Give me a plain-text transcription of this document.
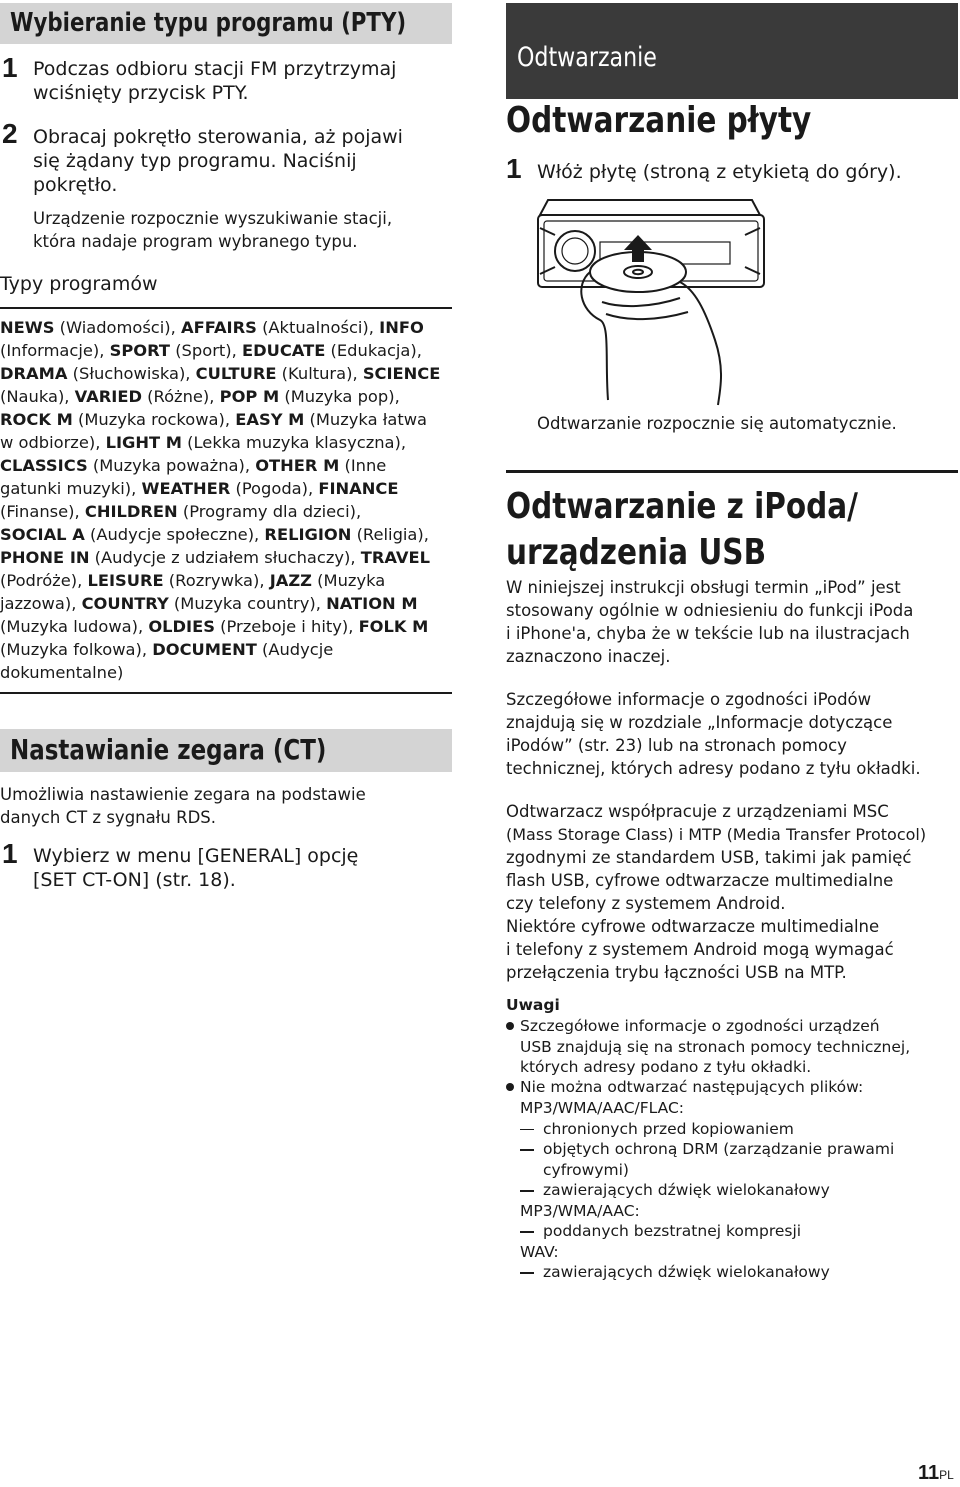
Wybieranie typu programu (PTY)
1 Podczas odbioru stacji FM przytrzymaj
wciśnięty przycisk PTY.
2 Obracaj pokrętło sterowania, aż pojawi
się żądany typ programu. Naciśnij
pokrętło.
Urządzenie rozpocznie wyszukiwanie stacji,
która nadaje program wybranego typu.
Typy programów
NEWS (Wiadomości), AFFAIRS (Aktualności), INFO
(Informacje), SPORT (Sport), EDUCATE (Edukacja),
DRAMA (Słuchowiska), CULTURE (Kultura), SCIENCE
(Nauka), VARIED (Różne), POP M (Muzyka pop),
ROCK M (Muzyka rockowa), EASY M (Muzyka łatwa
w odbiorze), LIGHT M (Lekka muzyka klasyczna),
CLASSICS (Muzyka poważna), OTHER M (Inne
gatunki muzyki), WEATHER (Pogoda), FINANCE
(Finanse), CHILDREN (Programy dla dzieci),
SOCIAL A (Audycje społeczne), RELIGION (Religia),
PHONE IN (Audycje z udziałem słuchaczy), TRAVEL
(Podróże), LEISURE (Rozrywka), JAZZ (Muzyka
jazzowa), COUNTRY (Muzyka country), NATION M
(Muzyka ludowa), OLDIES (Przeboje i hity), FOLK M
(Muzyka folkowa), DOCUMENT (Audycje
dokumentalne)
Nastawianie zegara (CT)
Umożliwia nastawienie zegara na podstawie
danych CT z sygnału RDS.
1 Wybierz w menu [GENERAL] opcję
[SET CT-ON] (str. 18).
Odtwarzanie
Odtwarzanie płyty
1 Włóż płytę (stroną z etykietą do góry).
Odtwarzanie rozpocznie się automatycznie.
Odtwarzanie z iPoda/
urządzenia USB
W niniejszej instrukcji obsługi termin „iPod” jest
stosowany ogólnie w odniesieniu do funkcji iPoda
i iPhone'a, chyba że w tekście lub na ilustracjach
zaznaczono inaczej.
Szczegółowe informacje o zgodności iPodów
znajdują się w rozdziale „Informacje dotyczące
iPodów” (str. 23) lub na stronach pomocy
technicznej, których adresy podano z tyłu okładki.
Odtwarzacz współpracuje z urządzeniami MSC
(Mass Storage Class) i MTP (Media Transfer Protocol)
zgodnymi ze standardem USB, takimi jak pamięć
flash USB, cyfrowe odtwarzacze multimedialne
czy telefony z systemem Android.
Niektóre cyfrowe odtwarzacze multimedialne
i telefony z systemem Android mogą wymagać
przełączenia trybu łączności USB na MTP.
Uwagi
Szczegółowe informacje o zgodności urządzeń
USB znajdują się na stronach pomocy technicznej,
których adresy podano z tyłu okładki.
Nie można odtwarzać następujących plików:
MP3/WMA/AAC/FLAC:
chronionych przed kopiowaniem
objętych ochroną DRM (zarządzanie prawami
cyfrowymi)
zawierających dźwięk wielokanałowy
MP3/WMA/AAC:
poddanych bezstratnej kompresji
WAV:
zawierających dźwięk wielokanałowy
11PL
